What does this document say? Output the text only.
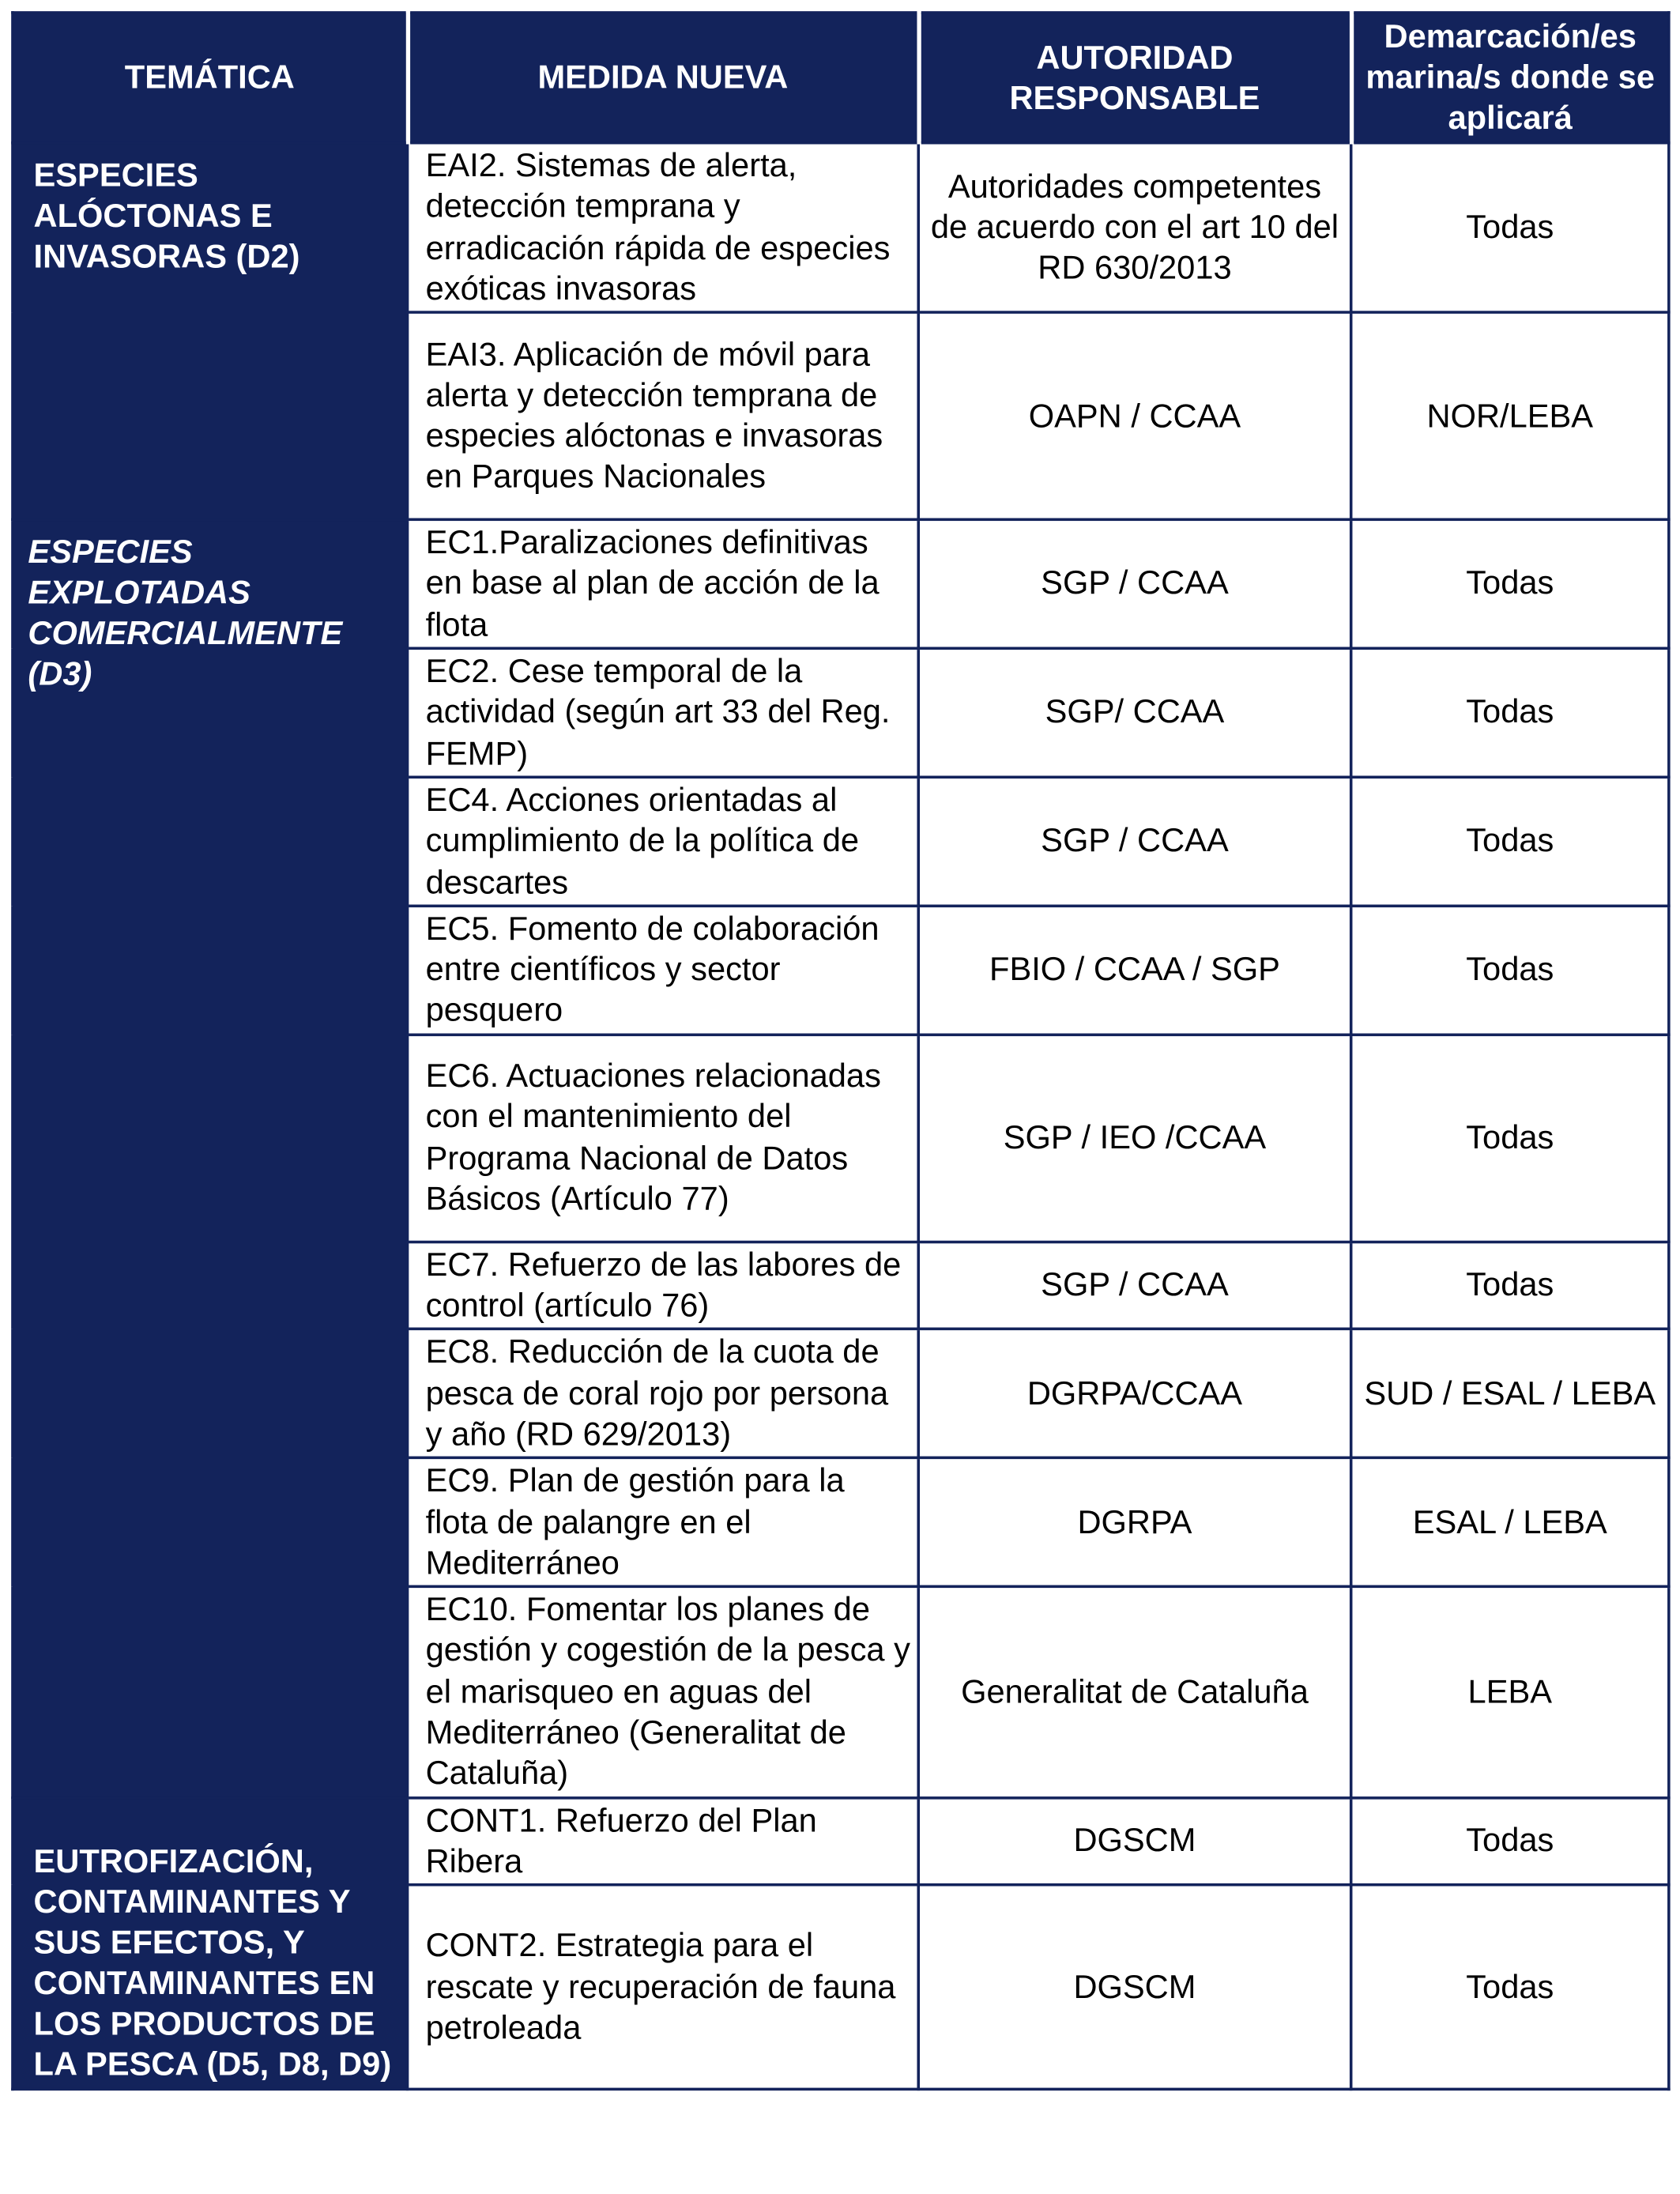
TEMÁTICA	MEDIDA NUEVA	AUTORIDAD RESPONSABLE	Demarcación/es marina/s donde se aplicará
ESPECIES ALÓCTONAS E INVASORAS (D2)	EAI2. Sistemas de alerta, detección temprana y erradicación rápida de especies exóticas invasoras	Autoridades competentes de acuerdo con el art 10 del RD 630/2013	Todas
	EAI3. Aplicación de móvil para alerta y detección temprana de especies alóctonas e invasoras en Parques Nacionales	OAPN / CCAA	NOR/LEBA
ESPECIES EXPLOTADAS COMERCIALMENTE (D3)	EC1.Paralizaciones definitivas en base al plan de acción de la flota	SGP / CCAA	Todas
	EC2. Cese temporal de la actividad (según art 33 del Reg. FEMP)	SGP/ CCAA	Todas
	EC4. Acciones orientadas al cumplimiento de la política de descartes	SGP / CCAA	Todas
	EC5. Fomento de colaboración entre científicos y sector pesquero	FBIO / CCAA / SGP	Todas
	EC6. Actuaciones relacionadas con el mantenimiento del Programa Nacional de Datos Básicos (Artículo 77)	SGP / IEO /CCAA	Todas
	EC7. Refuerzo de las labores de control (artículo 76)	SGP / CCAA	Todas
	EC8. Reducción de la cuota de pesca de coral rojo por persona y año (RD 629/2013)	DGRPA/CCAA	SUD / ESAL / LEBA
	EC9. Plan de gestión para la flota de palangre en el Mediterráneo	DGRPA	ESAL / LEBA
	EC10. Fomentar los planes de gestión y cogestión de la pesca y el marisqueo en aguas del Mediterráneo (Generalitat de Cataluña)	Generalitat de Cataluña	LEBA
EUTROFIZACIÓN, CONTAMINANTES Y SUS EFECTOS, Y CONTAMINANTES EN LOS PRODUCTOS DE LA PESCA (D5, D8, D9)	CONT1. Refuerzo del Plan Ribera	DGSCM	Todas
	CONT2. Estrategia para el rescate y recuperación de fauna petroleada	DGSCM	Todas
